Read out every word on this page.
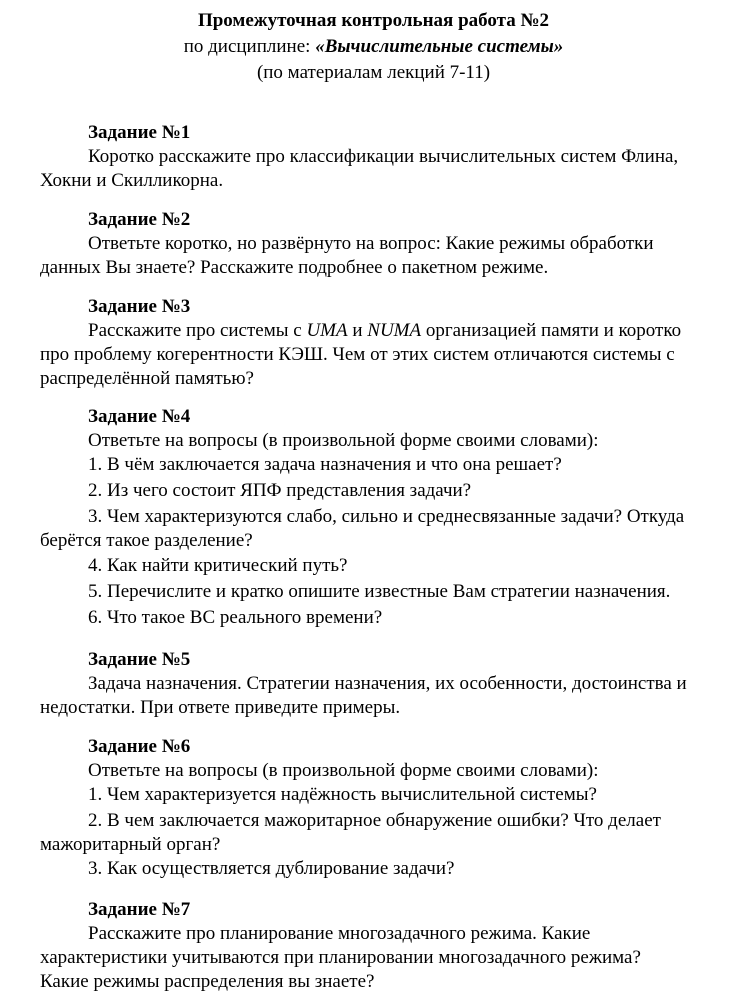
Промежуточная контрольная работа №2
по дисциплине: «Вычислительные системы»
(по материалам лекций 7-11)

Задание №1

Коротко расскажите про классификации вычислительных систем Флина, Хокни и Скилликорна.

Задание №2

Ответьте коротко, но развёрнуто на вопрос: Какие режимы обработки данных Вы знаете? Расскажите подробнее о пакетном режиме.

Задание №3

Расскажите про системы с UMA и NUMA организацией памяти и коротко про проблему когерентности КЭШ. Чем от этих систем отличаются системы с распределённой памятью?

Задание №4

Ответьте на вопросы (в произвольной форме своими словами):

1. В чём заключается задача назначения и что она решает?

2. Из чего состоит ЯПФ представления задачи?

3. Чем характеризуются слабо, сильно и среднесвязанные задачи? Откуда берётся такое разделение?

4. Как найти критический путь?

5. Перечислите и кратко опишите известные Вам стратегии назначения.

6. Что такое ВС реального времени?

Задание №5

Задача назначения. Стратегии назначения, их особенности, достоинства и недостатки. При ответе приведите примеры.

Задание №6

Ответьте на вопросы (в произвольной форме своими словами):

1. Чем характеризуется надёжность вычислительной системы?

2. В чем заключается мажоритарное обнаружение ошибки? Что делает мажоритарный орган?

3. Как осуществляется дублирование задачи?

Задание №7

Расскажите про планирование многозадачного режима. Какие характеристики учитываются при планировании многозадачного режима? Какие режимы распределения вы знаете?
